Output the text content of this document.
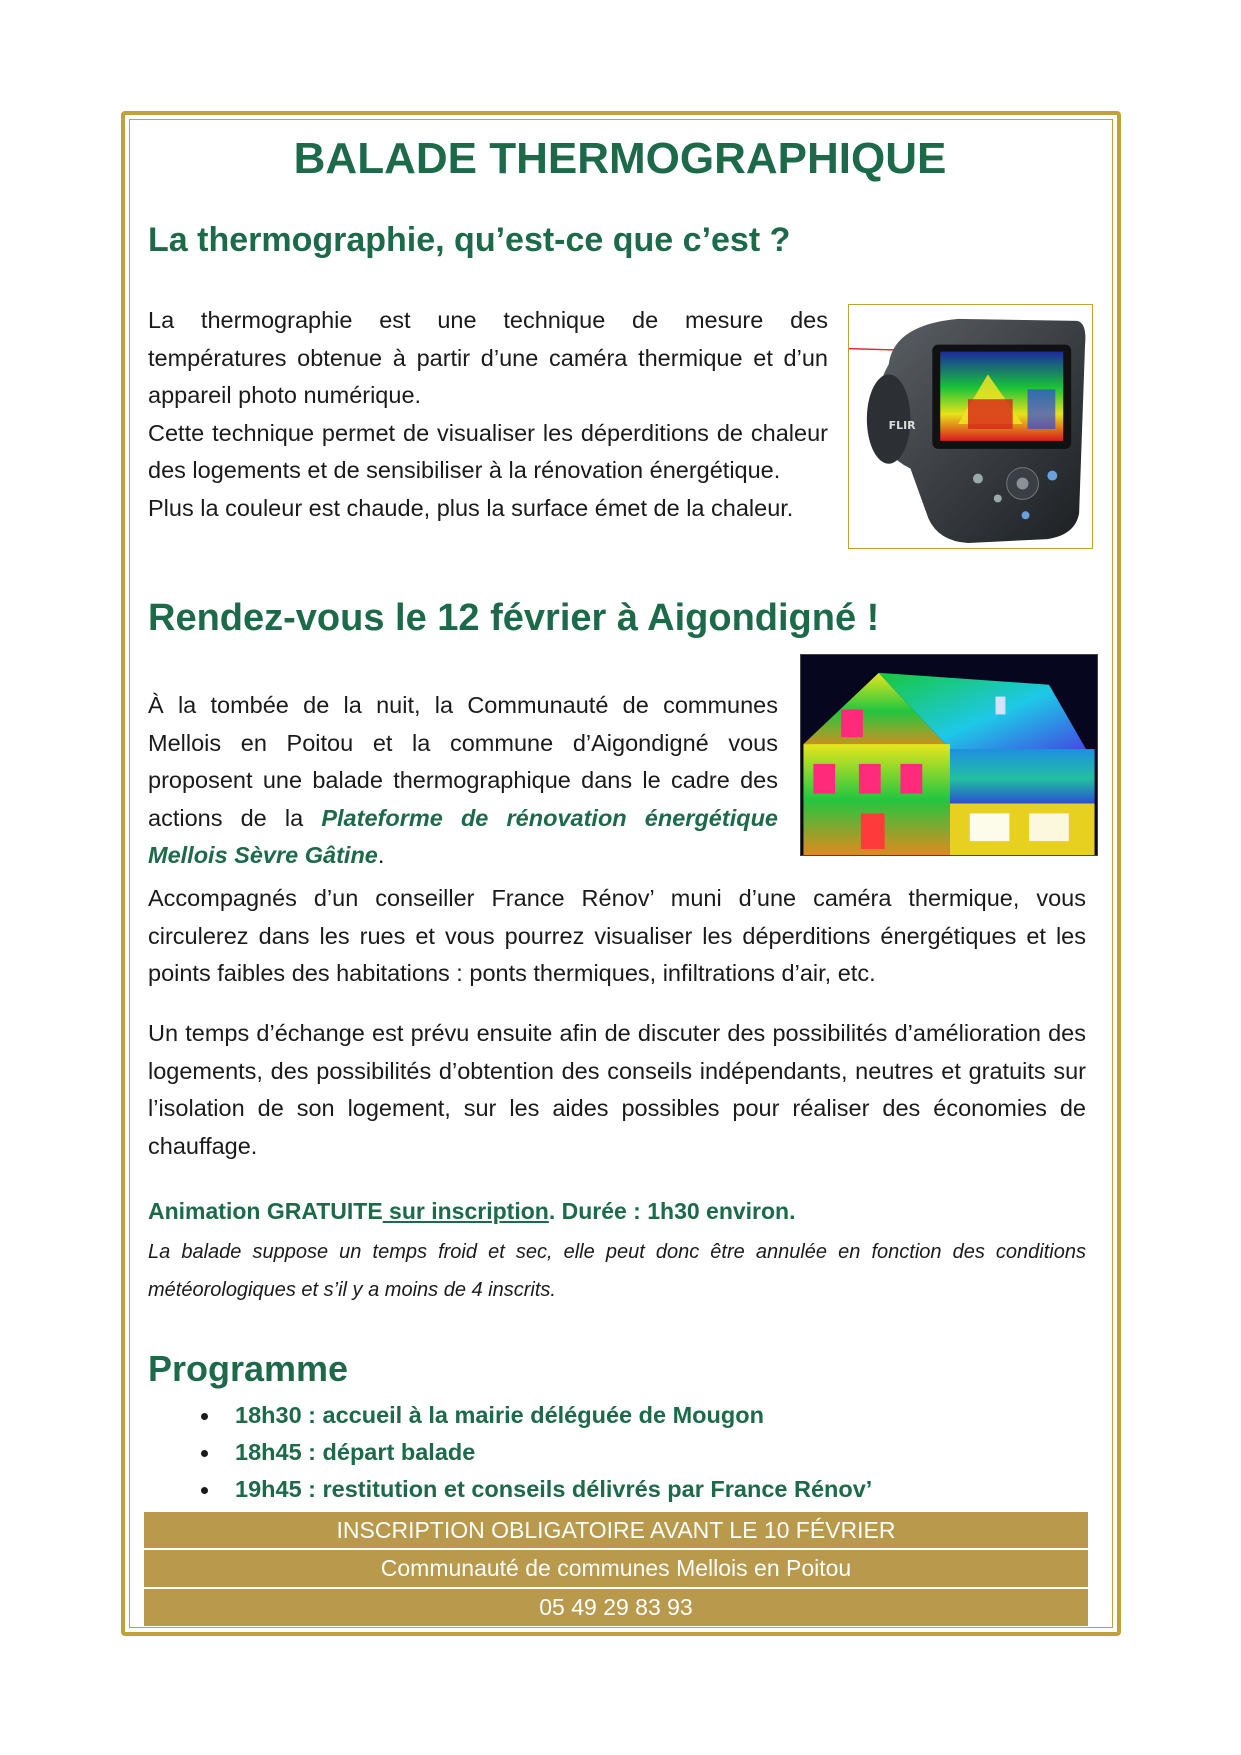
BALADE THERMOGRAPHIQUE
La thermographie, qu’est-ce que c’est ?

La thermographie est une technique de mesure des températures obtenue à partir d’une caméra thermique et d’un appareil photo numérique.

Cette technique permet de visualiser les déperditions de chaleur des logements et de sensibiliser à la rénovation énergétique.

Plus la couleur est chaude, plus la surface émet de la chaleur.

FLIR
Rendez-vous le 12 février à Aigondigné !
À la tombée de la nuit, la Communauté de communes Mellois en Poitou et la commune d’Aigondigné vous proposent une balade thermographique dans le cadre des actions de la Plateforme de rénovation énergétique Mellois Sèvre Gâtine.

Accompagnés d’un conseiller France Rénov’ muni d’une caméra thermique, vous circulerez dans les rues et vous pourrez visualiser les déperditions énergétiques et les points faibles des habitations : ponts thermiques, infiltrations d’air, etc.

Un temps d’échange est prévu ensuite afin de discuter des possibilités d’amélioration des logements, des possibilités d’obtention des conseils indépendants, neutres et gratuits sur l’isolation de son logement, sur les aides possibles pour réaliser des économies de chauffage.

Animation GRATUITE sur inscription. Durée : 1h30 environ.

La balade suppose un temps froid et sec, elle peut donc être annulée en fonction des conditions météorologiques et s’il y a moins de 4 inscrits.

Programme
18h30 : accueil à la mairie déléguée de Mougon
18h45 : départ balade
19h45 : restitution et conseils délivrés par France Rénov’
INSCRIPTION OBLIGATOIRE AVANT LE 10 FÉVRIER
Communauté de communes Mellois en Poitou
05 49 29 83 93
